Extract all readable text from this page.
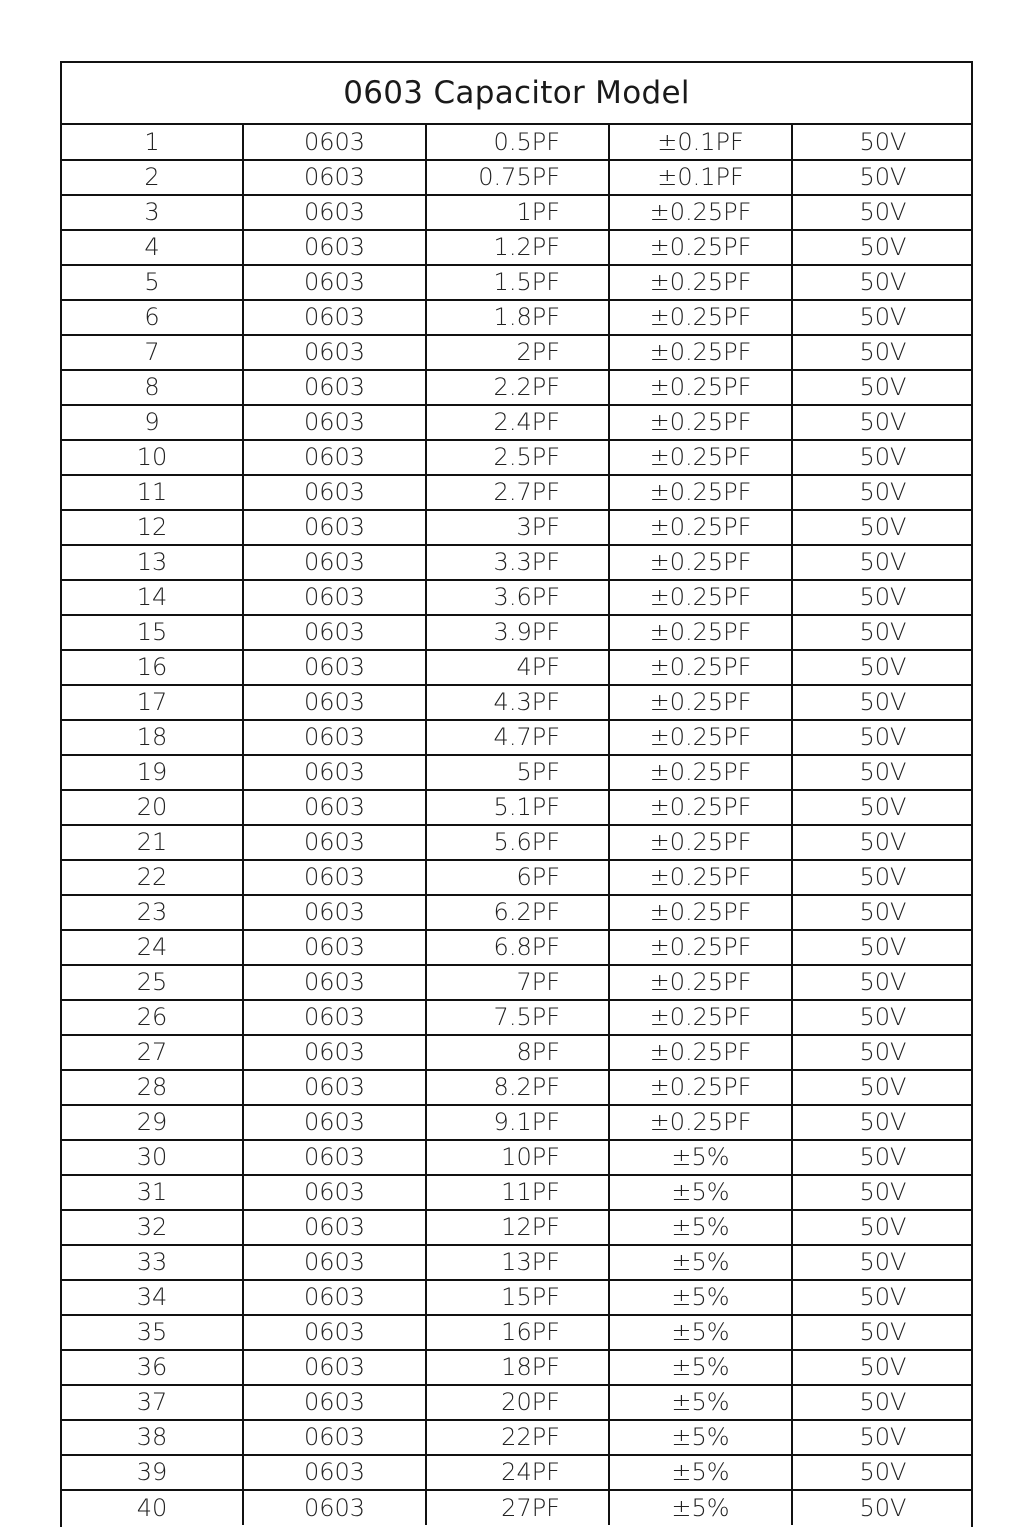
0603 Capacitor Model
1	0603	0.5PF	±0.1PF	50V
2	0603	0.75PF	±0.1PF	50V
3	0603	1PF	±0.25PF	50V
4	0603	1.2PF	±0.25PF	50V
5	0603	1.5PF	±0.25PF	50V
6	0603	1.8PF	±0.25PF	50V
7	0603	2PF	±0.25PF	50V
8	0603	2.2PF	±0.25PF	50V
9	0603	2.4PF	±0.25PF	50V
10	0603	2.5PF	±0.25PF	50V
11	0603	2.7PF	±0.25PF	50V
12	0603	3PF	±0.25PF	50V
13	0603	3.3PF	±0.25PF	50V
14	0603	3.6PF	±0.25PF	50V
15	0603	3.9PF	±0.25PF	50V
16	0603	4PF	±0.25PF	50V
17	0603	4.3PF	±0.25PF	50V
18	0603	4.7PF	±0.25PF	50V
19	0603	5PF	±0.25PF	50V
20	0603	5.1PF	±0.25PF	50V
21	0603	5.6PF	±0.25PF	50V
22	0603	6PF	±0.25PF	50V
23	0603	6.2PF	±0.25PF	50V
24	0603	6.8PF	±0.25PF	50V
25	0603	7PF	±0.25PF	50V
26	0603	7.5PF	±0.25PF	50V
27	0603	8PF	±0.25PF	50V
28	0603	8.2PF	±0.25PF	50V
29	0603	9.1PF	±0.25PF	50V
30	0603	10PF	±5%	50V
31	0603	11PF	±5%	50V
32	0603	12PF	±5%	50V
33	0603	13PF	±5%	50V
34	0603	15PF	±5%	50V
35	0603	16PF	±5%	50V
36	0603	18PF	±5%	50V
37	0603	20PF	±5%	50V
38	0603	22PF	±5%	50V
39	0603	24PF	±5%	50V
40	0603	27PF	±5%	50V
